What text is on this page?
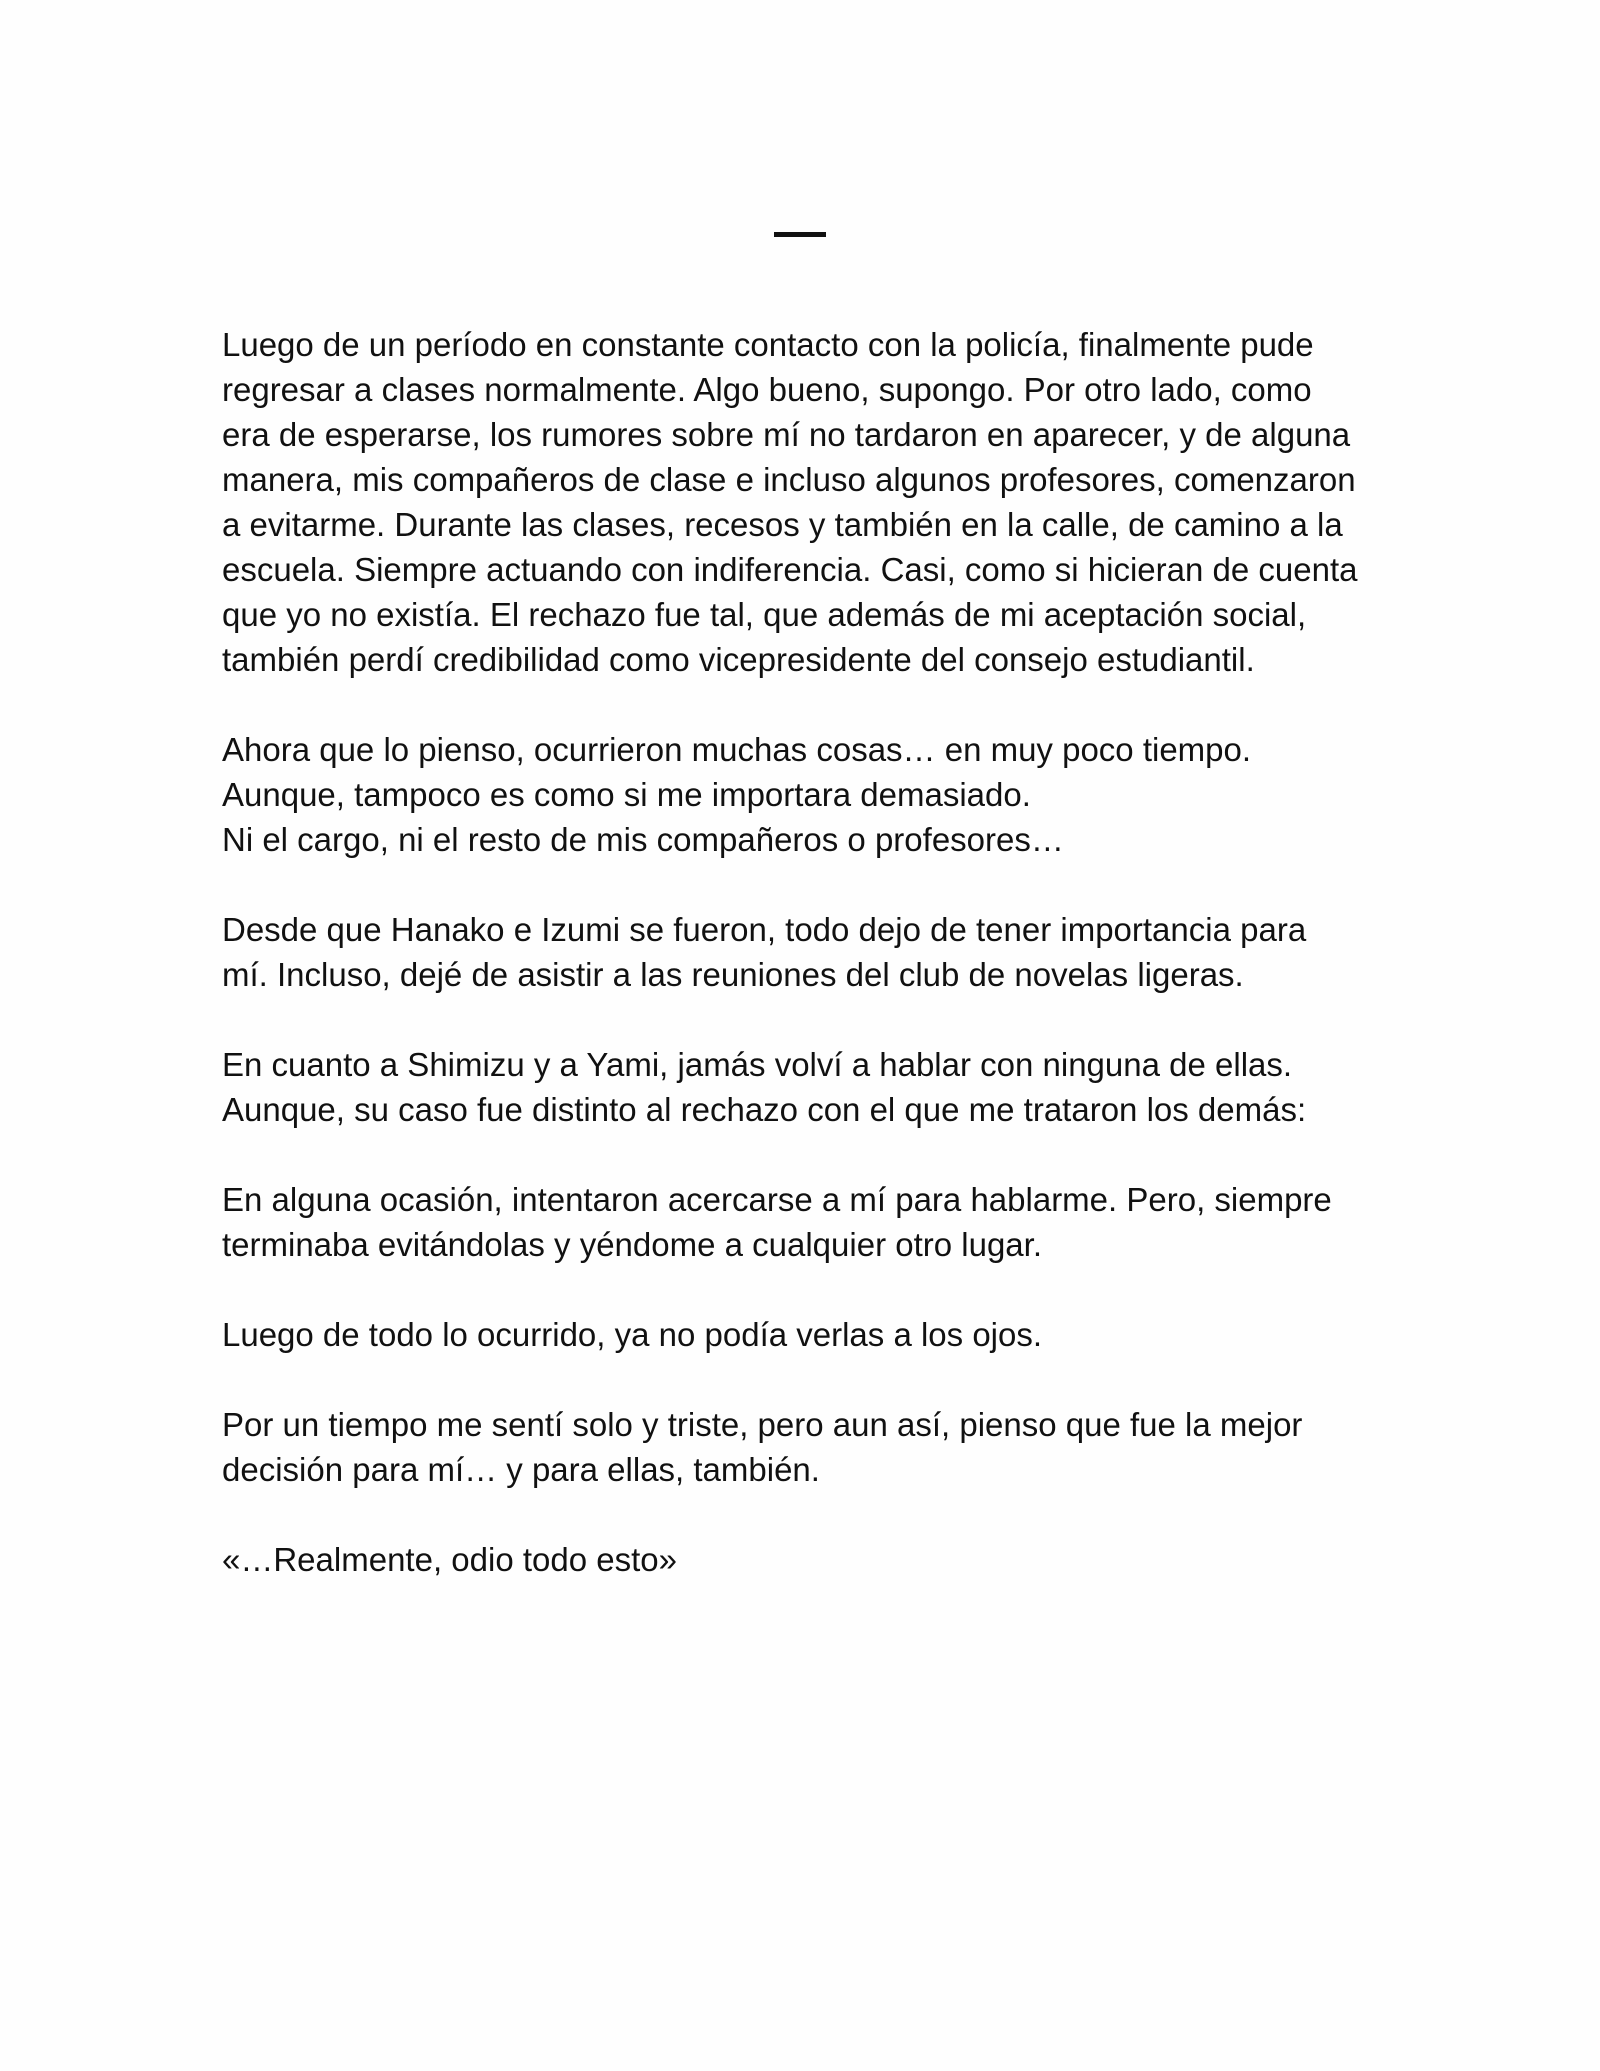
Luego de un período en constante contacto con la policía, finalmente pude
regresar a clases normalmente. Algo bueno, supongo. Por otro lado, como
era de esperarse, los rumores sobre mí no tardaron en aparecer, y de alguna
manera, mis compañeros de clase e incluso algunos profesores, comenzaron
a evitarme. Durante las clases, recesos y también en la calle, de camino a la
escuela. Siempre actuando con indiferencia. Casi, como si hicieran de cuenta
que yo no existía. El rechazo fue tal, que además de mi aceptación social,
también perdí credibilidad como vicepresidente del consejo estudiantil.

Ahora que lo pienso, ocurrieron muchas cosas… en muy poco tiempo.
Aunque, tampoco es como si me importara demasiado.
Ni el cargo, ni el resto de mis compañeros o profesores…

Desde que Hanako e Izumi se fueron, todo dejo de tener importancia para
mí. Incluso, dejé de asistir a las reuniones del club de novelas ligeras.

En cuanto a Shimizu y a Yami, jamás volví a hablar con ninguna de ellas.
Aunque, su caso fue distinto al rechazo con el que me trataron los demás:

En alguna ocasión, intentaron acercarse a mí para hablarme. Pero, siempre
terminaba evitándolas y yéndome a cualquier otro lugar.

Luego de todo lo ocurrido, ya no podía verlas a los ojos.

Por un tiempo me sentí solo y triste, pero aun así, pienso que fue la mejor
decisión para mí… y para ellas, también.

«…Realmente, odio todo esto»
